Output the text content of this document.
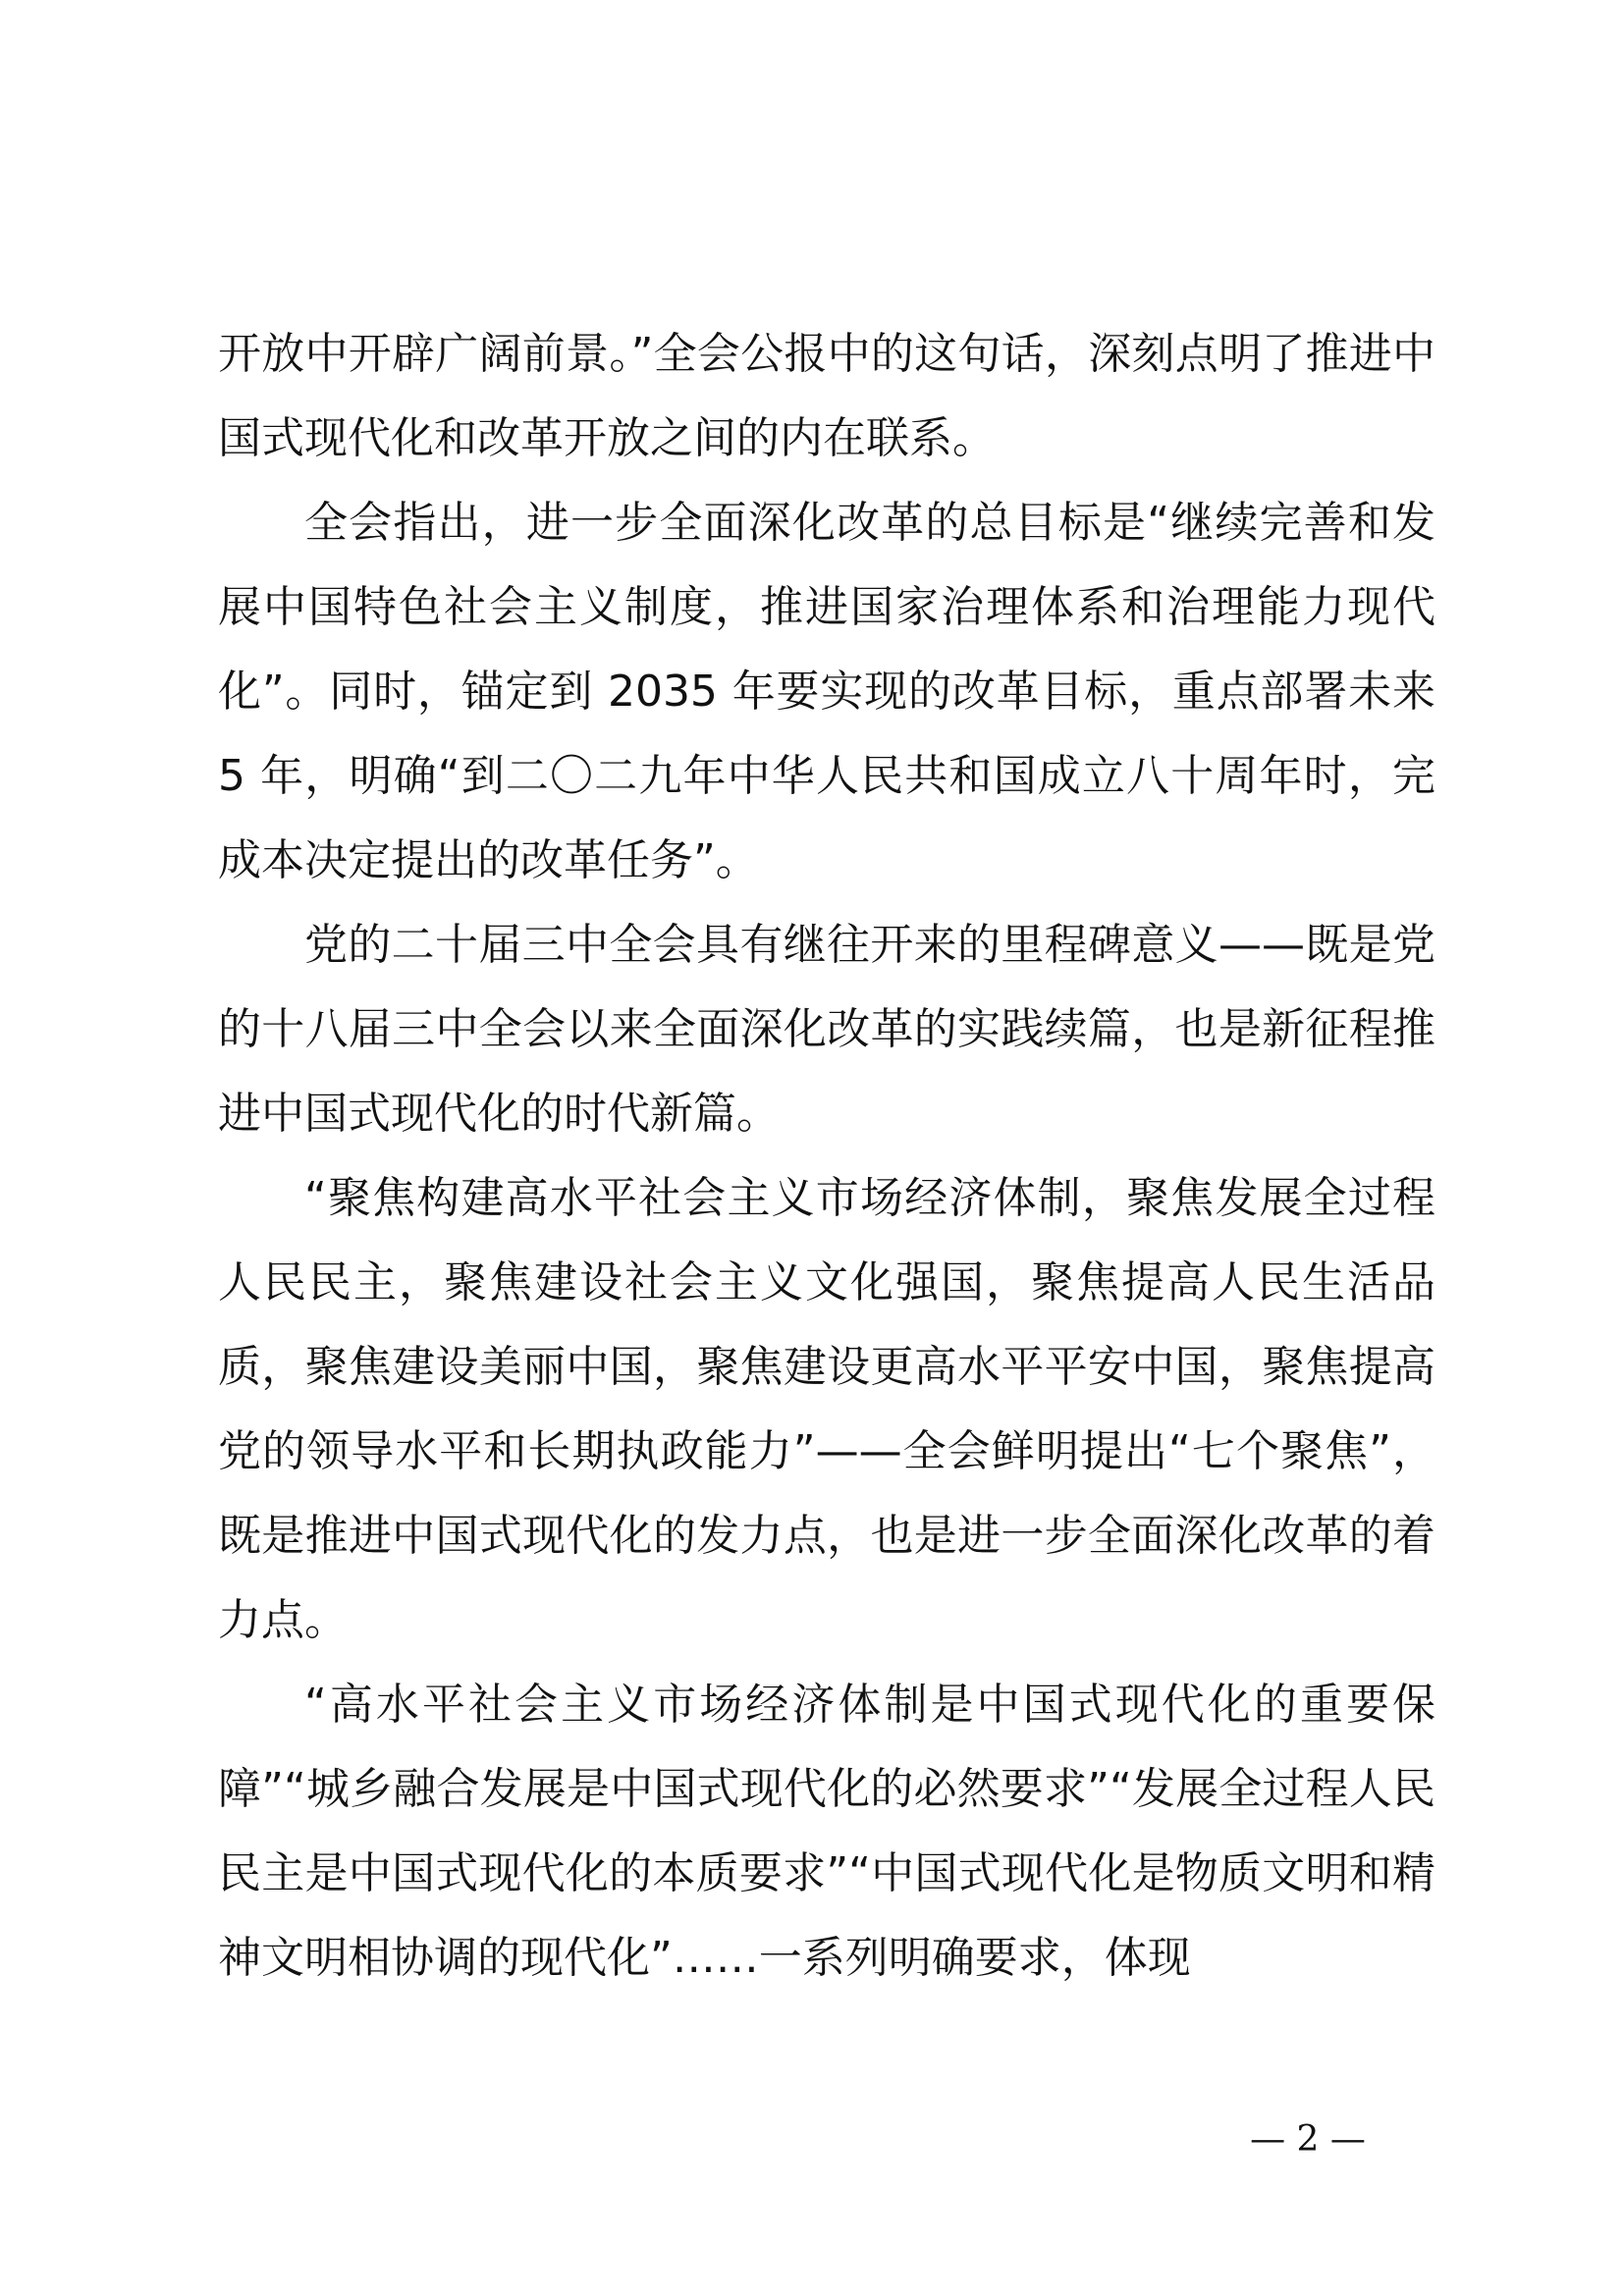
开放中开辟广阔前景。”全会公报中的这句话，深刻点明了推进中国式现代化和改革开放之间的内在联系。

全会指出，进一步全面深化改革的总目标是“继续完善和发展中国特色社会主义制度，推进国家治理体系和治理能力现代化”。同时，锚定到 2035 年要实现的改革目标，重点部署未来 5 年，明确“到二〇二九年中华人民共和国成立八十周年时，完成本决定提出的改革任务”。

党的二十届三中全会具有继往开来的里程碑意义——既是党的十八届三中全会以来全面深化改革的实践续篇，也是新征程推进中国式现代化的时代新篇。

“聚焦构建高水平社会主义市场经济体制，聚焦发展全过程人民民主，聚焦建设社会主义文化强国，聚焦提高人民生活品质，聚焦建设美丽中国，聚焦建设更高水平平安中国，聚焦提高党的领导水平和长期执政能力”——全会鲜明提出“七个聚焦”，既是推进中国式现代化的发力点，也是进一步全面深化改革的着力点。

“高水平社会主义市场经济体制是中国式现代化的重要保障”“城乡融合发展是中国式现代化的必然要求”“发展全过程人民民主是中国式现代化的本质要求”“中国式现代化是物质文明和精神文明相协调的现代化”……一系列明确要求，体现

— 2 —
